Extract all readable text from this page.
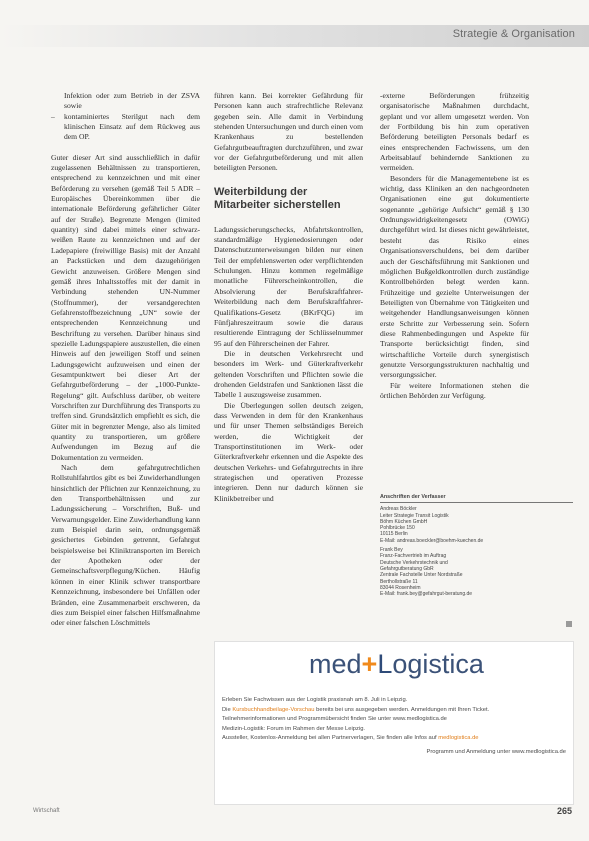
Strategie & Organisation
Infektion oder zum Betrieb in der ZSVA sowie
– kontaminiertes Sterilgut nach dem klinischen Einsatz auf dem Rückweg aus dem OP.

Guter dieser Art sind ausschließlich in dafür zugelassenen Behältnissen zu transportieren, entsprechend zu kennzeichnen und mit einer Beförderung zu versehen (gemäß Teil 5 ADR – Europäisches Übereinkommen über die internationale Beförderung gefährlicher Güter auf der Straße). Begrenzte Mengen (limited quantity) sind dabei mittels einer schwarz-weißen Raute zu kennzeichnen und auf der Ladepapiere (freiwillige Basis) mit der Anzahl an Packstücken und dem dazugehörigen Gewicht anzuweisen. Größere Mengen sind gemäß ihres Inhaltsstoffes mit der damit in Verbindung stehenden UN-Nummer (Stoffnummer), der versandgerechten Gefahrenstoffbezeichnung „UN“ sowie der entsprechenden Kennzeichnung und Beschriftung zu versehen. Darüber hinaus sind spezielle Ladungspapiere auszustellen, die einen Hinweis auf den jeweiligen Stoff und seinen Ladungsgewicht aufzuweisen und einen der Gesamtpunktwert bei dieser Art der Gefahrgutbeförderung – der „1000-Punkte-Regelung“ gilt. Aufschluss darüber, ob weitere Vorschriften zur Durchführung des Transports zu treffen sind. Grundsätzlich empfiehlt es sich, die Güter mit in begrenzter Menge, also als limited quantity zu transportieren, um größere Aufwendungen im Bezug auf die Dokumentation zu vermeiden.

Nach dem gefahrgutrechtlichen Rollstuhlfahrtlos gibt es bei Zuwiderhandlungen hinsichtlich der Pflichten zur Kennzeichnung, zu den Transportbehältnissen und zur Ladungssicherung – Vorschriften, Buß- und Verwarnungsgelder. Eine Zuwiderhandlung kann zum Beispiel darin sein, ordnungsgemäß gesichertes Gebinden getrennt, Gefahrgut beispielsweise bei Kliniktransporten im Bereich der Apotheken oder der Gemeinschaftsverpflegung/Küchen. Häufig können in einer Klinik schwer transportbare Kennzeichnung, insbesondere bei Unfällen oder Bränden, eine Zusammenarbeit erschweren, da dies zum Beispiel einer falschen Hilfsmaßnahme oder einer falschen Löschmittels

führen kann. Bei korrekter Gefährdung für Personen kann auch strafrechtliche Relevanz gegeben sein. Alle damit in Verbindung stehenden Untersuchungen und durch einen vom Krankenhaus zu bestellenden Gefahrgutbeauftragten durchzuführen, und zwar vor der Gefahrgutbeförderung und mit allen beteiligten Personen.

Weiterbildung der Mitarbeiter sicherstellen

Ladungssicherungschecks, Abfahrtskontrollen, standardmäßige Hygienedosierungen oder Datenschutzunterweisungen bilden nur einen Teil der empfehlenswerten oder verpflichtenden Schulungen. Hinzu kommen regelmäßige monatliche Führerscheinkontrollen, die Absolvierung der Berufskraftfahrer-Weiterbildung nach dem Berufskraftfahrer-Qualifikations-Gesetz (BKrFQG) im Fünfjahreszeitraum sowie die daraus resultierende Eintragung der Schlüsselnummer 95 auf den Führerscheinen der Fahrer.

Die in deutschen Verkehrsrecht und besonders im Werk- und Güterkraftverkehr geltenden Vorschriften und Pflichten sowie die drohenden Geldstrafen und Sanktionen lässt die Tabelle 1 auszugsweise zusammen.

Die Überlegungen sollen deutsch zeigen, dass Verwenden in dem für den Krankenhaus und für unser Themen selbständiges Bereich werden, die Wichtigkeit der Transportinstitutionen im Werk- oder Güterkraftverkehr erkennen und die Aspekte des deutschen Verkehrs- und Gefahrgutrechts in ihre strategischen und operativen Prozesse integrieren. Denn nur dadurch können sie Klinikbetreiber und

-externe Beförderungen frühzeitig organisatorische Maßnahmen durchdacht, geplant und vor allem umgesetzt werden. Von der Fortbildung bis hin zum operativen Beförderung beteiligten Personals bedarf es eines entsprechenden Fachwissens, um den Arbeitsablauf behindernde Sanktionen zu vermeiden.

Besonders für die Managementebene ist es wichtig, dass Kliniken an den nachgeordneten Organisationen eine gut dokumentierte sogenannte „gehörige Aufsicht“ gemäß § 130 Ordnungswidrigkeitengesetz (OWiG) durchgeführt wird. Ist dieses nicht gewährleistet, besteht das Risiko eines Organisationsverschuldens, bei dem darüber auch der Geschäftsführung mit Sanktionen und möglichen Bußgeldkontrollen durch zuständige Kontrollbehörden belegt werden kann. Frühzeitige und gezielte Unterweisungen der Beteiligten von Übernahme von Tätigkeiten und weitgehender Handlungsanweisungen können erste Schritte zur Verbesserung sein. Sofern diese Rahmenbedingungen und Aspekte für Transporte berücksichtigt finden, sind wirtschaftliche Vorteile durch synergistisch genutzte Versorgungsstrukturen nachhaltig und versorgungssicher.

Für weitere Informationen stehen die örtlichen Behörden zur Verfügung.

Anschriften der Verfasser
Andreas Böckler
Leiter Strategie Transit Logistik
Böhm Küchen GmbH
Pohlbrücke 150
10115 Berlin
E-Mail: andreas.boeckler@boehm-kuechen.de
Frank Bey
Franz-Fachvertrieb im Auftrag
Deutsche Verkehrstechnik und
Gefahrgutberatung GbR
Zentrale Fachstelle Unter Nordstraße
Berthollstraße 11
83044 Rosenheim
E-Mail: frank.bey@gefahrgut-beratung.de
med+Logistica
Erleben Sie Fachwissen aus der Logistik praxisnah am 8. Juli in Leipzig.
Die Kursbuchhandbeilage-Vorschau bereits bei uns ausgegeben werden. Anmeldungen mit Ihren Ticket.
Teilnehmerinformationen und Programmübersicht finden Sie unter www.medlogistica.de
Medizin-Logistik: Forum im Rahmen der Messe Leipzig.
Aussteller, Kostenlos-Anmeldung bei allen Partnerverlagen, Sie finden alle Infos auf medlogistica.de
Programm und Anmeldung unter www.medlogistica.de
Wirtschaft	265
